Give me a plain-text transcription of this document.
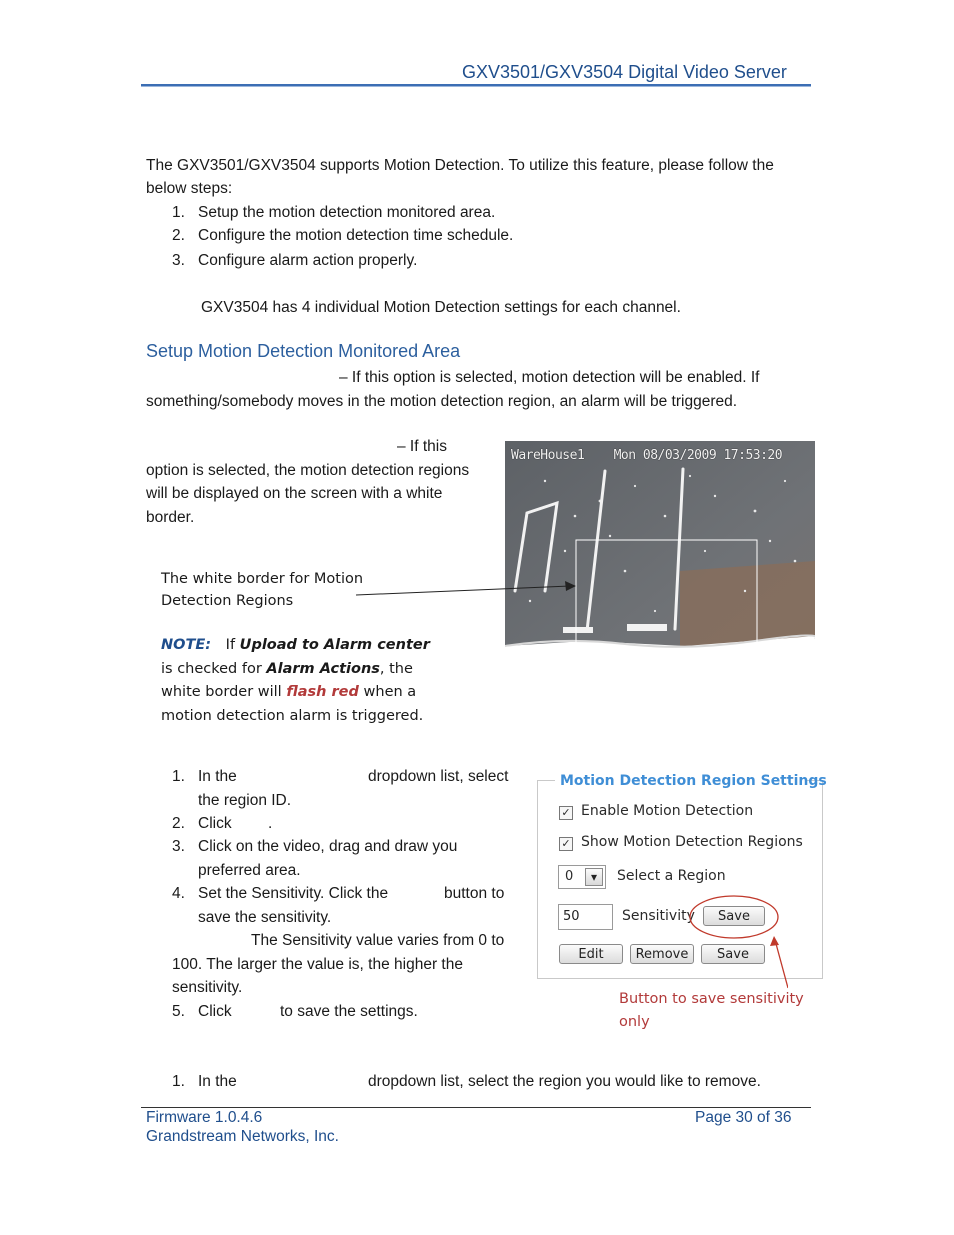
GXV3501/GXV3504 Digital Video Server
The GXV3501/GXV3504 supports Motion Detection. To utilize this feature, please follow the
below steps:
1. Setup the motion detection monitored area.
2. Configure the motion detection time schedule.
3. Configure alarm action properly.
GXV3504 has 4 individual Motion Detection settings for each channel.
Setup Motion Detection Monitored Area
– If this option is selected, motion detection will be enabled. If
something/somebody moves in the motion detection region, an alarm will be triggered.
– If this
option is selected, the motion detection regions
will be displayed on the screen with a white
border.
The white border for Motion
Detection Regions
NOTE: If Upload to Alarm center
is checked for Alarm Actions, the
white border will flash red when a
motion detection alarm is triggered.
WareHouse1    Mon 08/03/2009 17:53:20
1. In the	dropdown list, select
the region ID.
2. Click .
3. Click on the video, drag and draw you
preferred area.
4. Set the Sensitivity. Click the	button to
save the sensitivity.
The Sensitivity value varies from 0 to
100. The larger the value is, the higher the
sensitivity.
5. Click	to save the settings.
Motion Detection Region Settings
✓ Enable Motion Detection
✓ Show Motion Detection Regions
0	▾	Select a Region
50	Sensitivity	Save
Edit	Remove	Save
Button to save sensitivity
only
1. In the	dropdown list, select the region you would like to remove.
Firmware 1.0.4.6
Grandstream Networks, Inc.
Page 30 of 36
